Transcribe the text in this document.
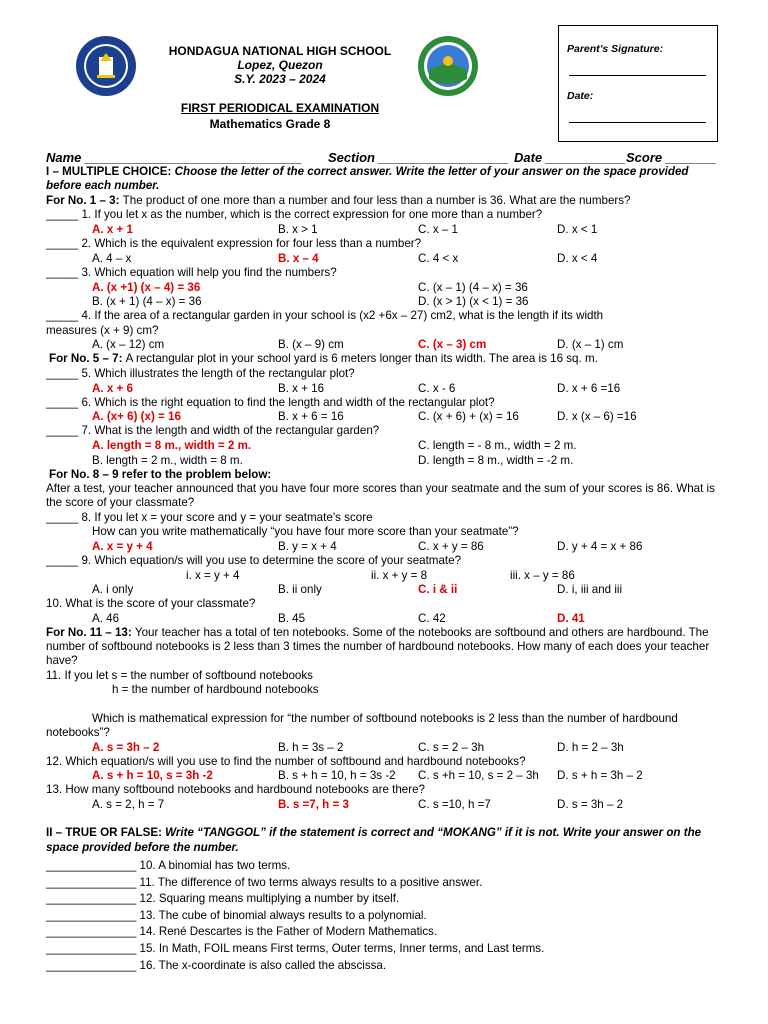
HONDAGUA NATIONAL HIGH SCHOOL
Lopez, Quezon
S.Y. 2023 – 2024
FIRST PERIODICAL EXAMINATION
Mathematics Grade 8
Parent’s Signature:
Date:
Name ______________________________ Section __________________ Date ___________ Score _______
I – MULTIPLE CHOICE: Choose the letter of the correct answer. Write the letter of your answer on the space provided
before each number.
For No. 1 – 3: The product of one more than a number and four less than a number is 36. What are the numbers?
_____ 1. If you let x as the number, which is the correct expression for one more than a number?
A. x + 1	B. x > 1	C. x – 1	D. x < 1
_____ 2. Which is the equivalent expression for four less than a number?
A. 4 – x	B. x – 4	C. 4 < x	D. x < 4
_____ 3. Which equation will help you find the numbers?
A. (x +1) (x – 4) = 36	C. (x – 1) (4 – x) = 36
B. (x + 1) (4 – x) = 36	D. (x > 1) (x < 1) = 36
_____ 4. If the area of a rectangular garden in your school is (x2 +6x – 27) cm2, what is the length if its width
measures (x + 9) cm?
A. (x – 12) cm	B. (x – 9) cm	C. (x – 3) cm	D. (x – 1) cm
For No. 5 – 7: A rectangular plot in your school yard is 6 meters longer than its width. The area is 16 sq. m.
_____ 5. Which illustrates the length of the rectangular plot?
A. x + 6	B. x + 16	C. x - 6	D. x + 6 =16
_____ 6. Which is the right equation to find the length and width of the rectangular plot?
A. (x+ 6) (x) = 16	B. x + 6 = 16	C. (x + 6) + (x) = 16	D. x (x – 6) =16
_____ 7. What is the length and width of the rectangular garden?
A. length = 8 m., width = 2 m.	C. length = - 8 m., width = 2 m.
B. length = 2 m., width = 8 m.	D. length = 8 m., width = -2 m.
For No. 8 – 9 refer to the problem below:
After a test, your teacher announced that you have four more scores than your seatmate and the sum of your scores is 86. What is
the score of your classmate?
_____ 8. If you let x = your score and y = your seatmate’s score
How can you write mathematically “you have four more score than your seatmate”?
A. x = y + 4	B. y = x + 4	C. x + y = 86	D. y + 4 = x + 86
_____ 9. Which equation/s will you use to determine the score of your seatmate?
i. x = y + 4	ii. x + y = 8	iii. x – y = 86
A. i only	B. ii only	C. i & ii	D. i, iii and iii
10. What is the score of your classmate?
A. 46	B. 45	C. 42	D. 41
For No. 11 – 13: Your teacher has a total of ten notebooks. Some of the notebooks are softbound and others are hardbound. The
number of softbound notebooks is 2 less than 3 times the number of hardbound notebooks. How many of each does your teacher
have?
11. If you let s = the number of softbound notebooks
h = the number of hardbound notebooks
Which is mathematical expression for “the number of softbound notebooks is 2 less than the number of hardbound
notebooks”?
A. s = 3h – 2	B. h = 3s – 2	C. s = 2 – 3h	D. h = 2 – 3h
12. Which equation/s will you use to find the number of softbound and hardbound notebooks?
A. s + h = 10, s = 3h -2	B. s + h = 10, h = 3s -2 C. s +h = 10, s = 2 – 3h D. s + h = 3h – 2
13. How many softbound notebooks and hardbound notebooks are there?
A. s = 2, h = 7	B. s =7, h = 3	C. s =10, h =7	D. s = 3h – 2
II – TRUE OR FALSE: Write “TANGGOL” if the statement is correct and “MOKANG” if it is not. Write your answer on the
space provided before the number.
______________ 10. A binomial has two terms.
______________ 11. The difference of two terms always results to a positive answer.
______________ 12. Squaring means multiplying a number by itself.
______________ 13. The cube of binomial always results to a polynomial.
______________ 14. René Descartes is the Father of Modern Mathematics.
______________ 15. In Math, FOIL means First terms, Outer terms, Inner terms, and Last terms.
______________ 16. The x-coordinate is also called the abscissa.
